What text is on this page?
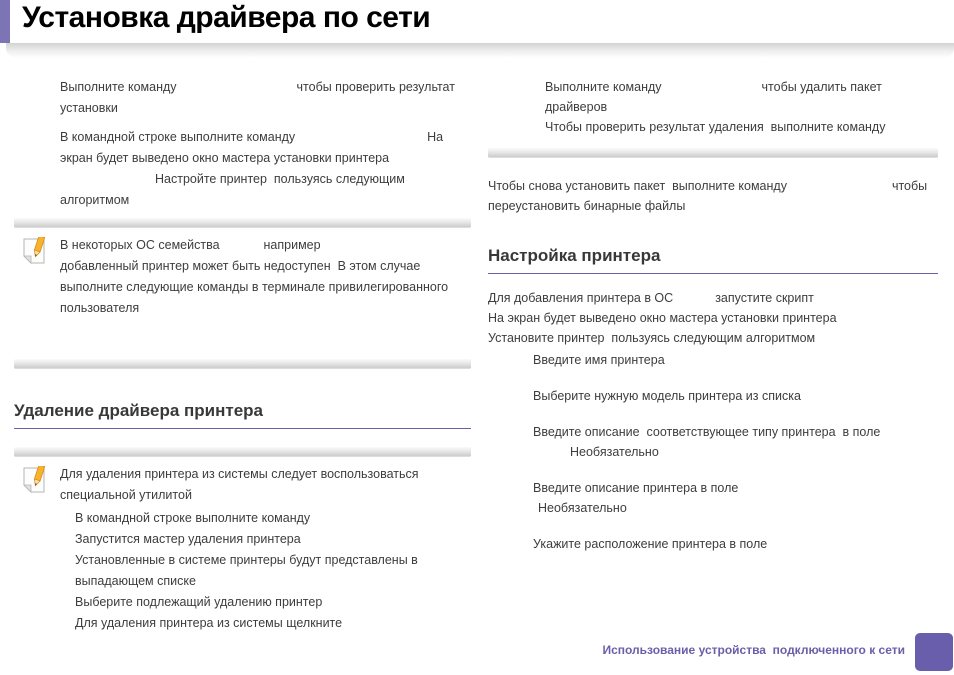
Установка драйвера по сети
Выполните команду	чтобы проверить результат
установки
В командной строке выполните команду	На
экран будет выведено окно мастера установки принтера
Настройте принтер  пользуясь следующим
алгоритмом
В некоторых ОС семейства	например
добавленный принтер может быть недоступен  В этом случае
выполните следующие команды в терминале привилегированного
пользователя
Удаление драйвера принтера
Для удаления принтера из системы следует воспользоваться
специальной утилитой
В командной строке выполните команду
Запустится мастер удаления принтера
Установленные в системе принтеры будут представлены в
выпадающем списке
Выберите подлежащий удалению принтер
Для удаления принтера из системы щелкните
Выполните команду	чтобы удалить пакет
драйверов
Чтобы проверить результат удаления  выполните команду
Чтобы снова установить пакет  выполните команду	чтобы
переустановить бинарные файлы
Настройка принтера
Для добавления принтера в ОС	запустите скрипт
На экран будет выведено окно мастера установки принтера
Установите принтер  пользуясь следующим алгоритмом
Введите имя принтера
Выберите нужную модель принтера из списка
Введите описание  соответствующее типу принтера  в поле
Необязательно
Введите описание принтера в поле
Необязательно
Укажите расположение принтера в поле
Использование устройства  подключенного к сети
